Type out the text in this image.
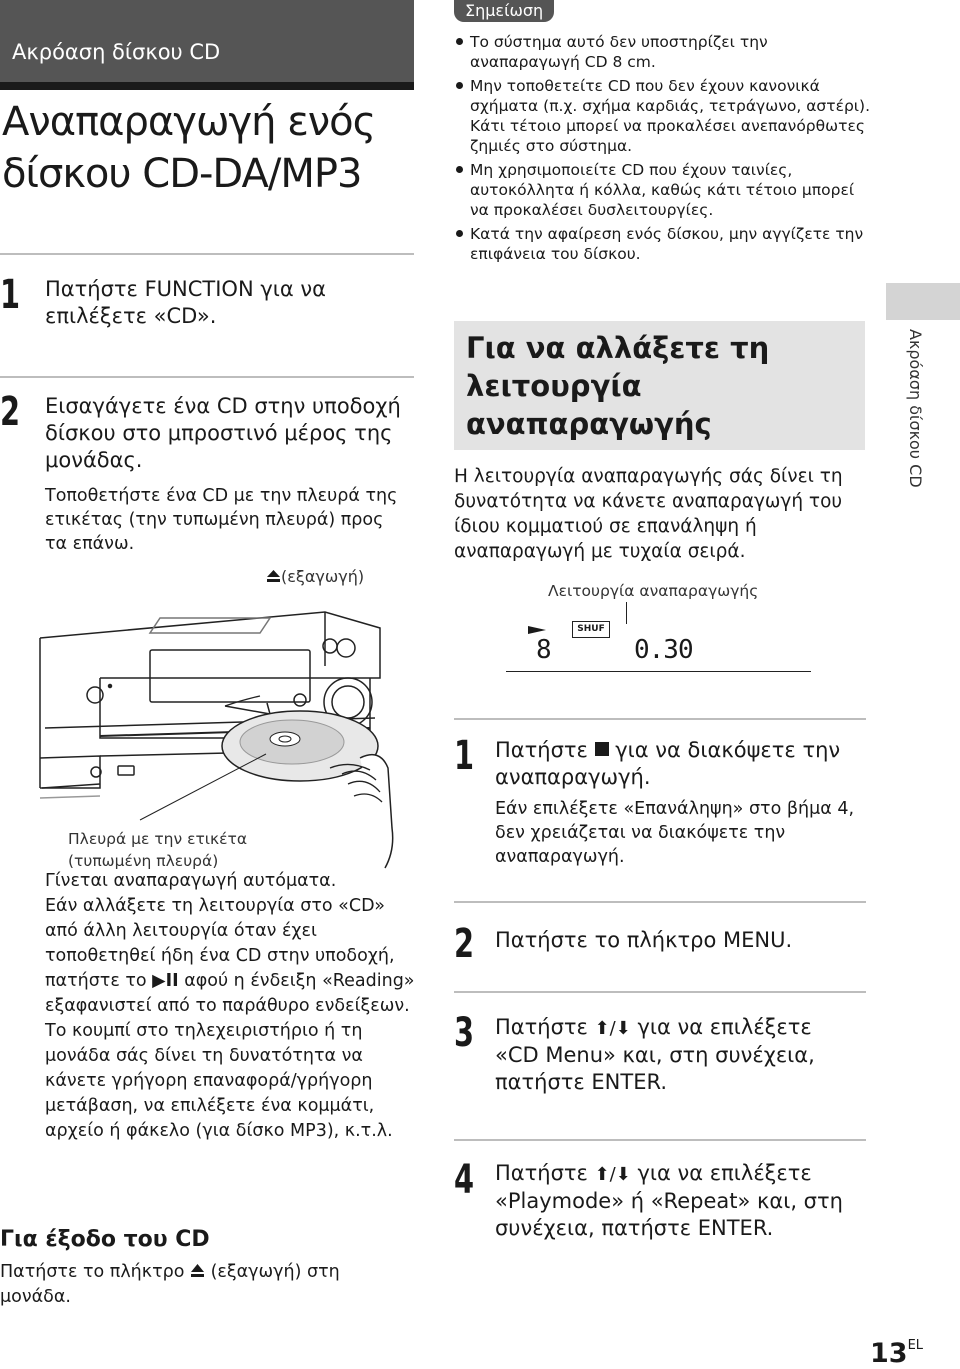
Ακρόαση δίσκου CD
Αναπαραγωγή ενός
δίσκου CD-DA/MP3
1 Πατήστε FUNCTION για να επιλέξετε «CD».
2 Εισαγάγετε ένα CD στην υποδοχή δίσκου στο μπροστινό μέρος της μονάδας.
Τοποθετήστε ένα CD με την πλευρά της ετικέτας (την τυπωμένη πλευρά) προς τα επάνω.
(εξαγωγή)
Πλευρά με την ετικέτα (τυπωμένη πλευρά)
Γίνεται αναπαραγωγή αυτόματα.
Εάν αλλάξετε τη λειτουργία στο «CD» από άλλη λειτουργία όταν έχει τοποθετηθεί ήδη ένα CD στην υποδοχή, πατήστε το ▶II αφού η ένδειξη «Reading» εξαφανιστεί από το παράθυρο ενδείξεων.
Το κουμπί στο τηλεχειριστήριο ή τη μονάδα σάς δίνει τη δυνατότητα να κάνετε γρήγορη επαναφορά/γρήγορη μετάβαση, να επιλέξετε ένα κομμάτι, αρχείο ή φάκελο (για δίσκο MP3), κ.τ.λ.
Για έξοδο του CD
Πατήστε το πλήκτρο  (εξαγωγή) στη μονάδα.
Σημείωση
Το σύστημα αυτό δεν υποστηρίζει την αναπαραγωγή CD 8 cm.
Μην τοποθετείτε CD που δεν έχουν κανονικά σχήματα (π.χ. σχήμα καρδιάς, τετράγωνο, αστέρι). Κάτι τέτοιο μπορεί να προκαλέσει ανεπανόρθωτες ζημιές στο σύστημα.
Μη χρησιμοποιείτε CD που έχουν ταινίες, αυτοκόλλητα ή κόλλα, καθώς κάτι τέτοιο μπορεί να προκαλέσει δυσλειτουργίες.
Κατά την αφαίρεση ενός δίσκου, μην αγγίζετε την επιφάνεια του δίσκου.
Για να αλλάξετε τη λειτουργία αναπαραγωγής
Η λειτουργία αναπαραγωγής σάς δίνει τη δυνατότητα να κάνετε αναπαραγωγή του ίδιου κομματιού σε επανάληψη ή αναπαραγωγή με τυχαία σειρά.
Λειτουργία αναπαραγωγής
SHUF
8	0.30
1 Πατήστε  για να διακόψετε την αναπαραγωγή.
Εάν επιλέξετε «Επανάληψη» στο βήμα 4, δεν χρειάζεται να διακόψετε την αναπαραγωγή.
2 Πατήστε το πλήκτρο MENU.
3 Πατήστε ⬆/⬇ για να επιλέξετε «CD Menu» και, στη συνέχεια, πατήστε ENTER.
4 Πατήστε ⬆/⬇ για να επιλέξετε «Playmode» ή «Repeat» και, στη συνέχεια, πατήστε ENTER.
Ακρόαση δίσκου CD
$13^{EL}$
